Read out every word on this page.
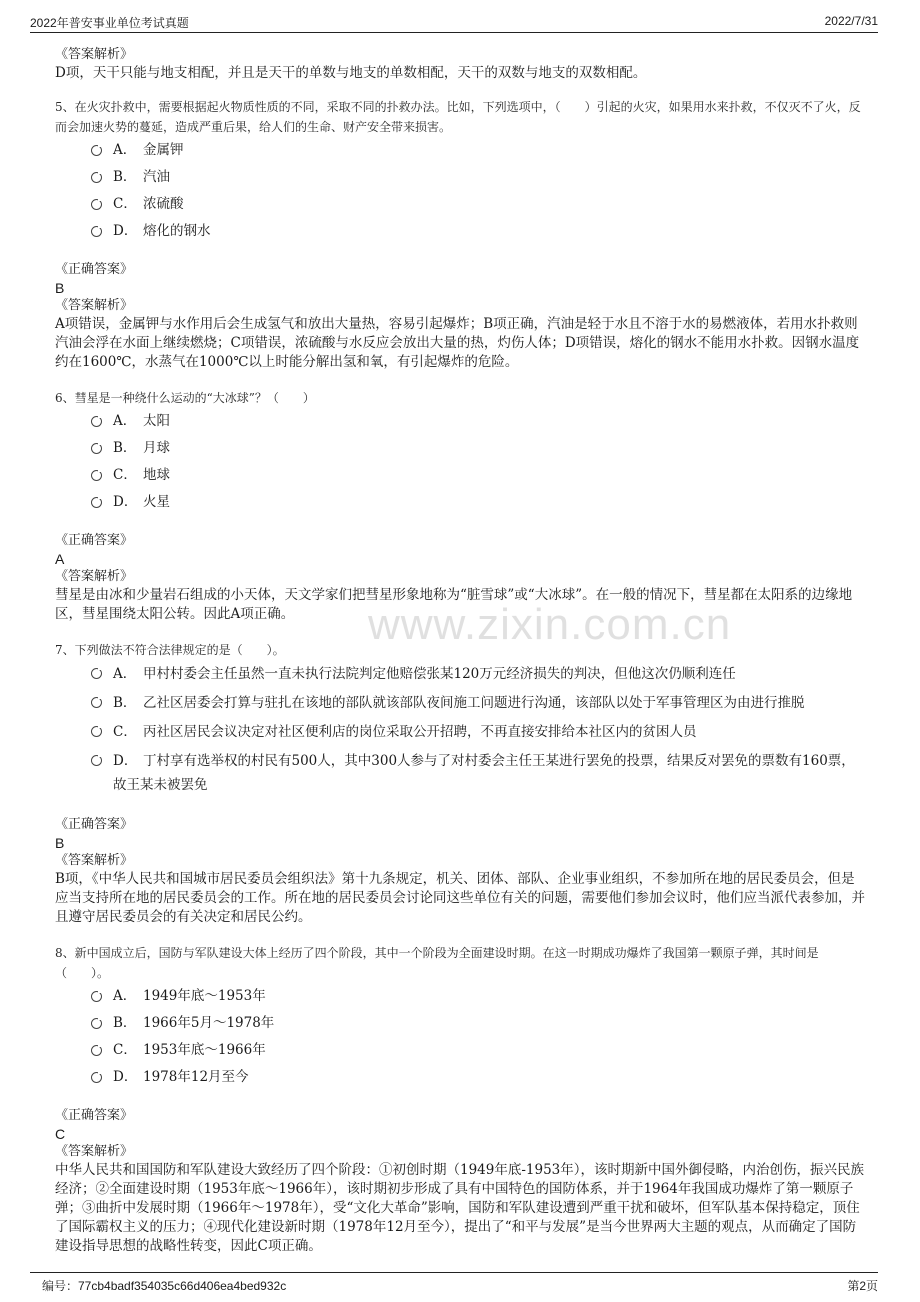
2022年普安事业单位考试真题	2022/7/31
www.zixin.com.cn
《答案解析》
D项，天干只能与地支相配，并且是天干的单数与地支的单数相配，天干的双数与地支的双数相配。
5、在火灾扑救中，需要根据起火物质性质的不同，采取不同的扑救办法。比如，下列选项中，（　　）引起的火灾，如果用水来扑救，不仅灭不了火，反而会加速火势的蔓延，造成严重后果，给人们的生命、财产安全带来损害。
A． 金属钾
B． 汽油
C． 浓硫酸
D． 熔化的钢水
《正确答案》
B
《答案解析》
A项错误，金属钾与水作用后会生成氢气和放出大量热，容易引起爆炸；B项正确，汽油是轻于水且不溶于水的易燃液体，若用水扑救则汽油会浮在水面上继续燃烧；C项错误，浓硫酸与水反应会放出大量的热，灼伤人体；D项错误，熔化的钢水不能用水扑救。因钢水温度约在1600℃，水蒸气在1000℃以上时能分解出氢和氧，有引起爆炸的危险。
6、彗星是一种绕什么运动的“大冰球”？（　　）
A． 太阳
B． 月球
C． 地球
D． 火星
《正确答案》
A
《答案解析》
彗星是由冰和少量岩石组成的小天体，天文学家们把彗星形象地称为“脏雪球”或“大冰球”。在一般的情况下，彗星都在太阳系的边缘地区，彗星围绕太阳公转。因此A项正确。
7、下列做法不符合法律规定的是（　　）。
A． 甲村村委会主任虽然一直未执行法院判定他赔偿张某120万元经济损失的判决，但他这次仍顺利连任
B． 乙社区居委会打算与驻扎在该地的部队就该部队夜间施工问题进行沟通，该部队以处于军事管理区为由进行推脱
C． 丙社区居民会议决定对社区便利店的岗位采取公开招聘，不再直接安排给本社区内的贫困人员
D． 丁村享有选举权的村民有500人，其中300人参与了对村委会主任王某进行罢免的投票，结果反对罢免的票数有160票，故王某未被罢免
《正确答案》
B
《答案解析》
B项，《中华人民共和国城市居民委员会组织法》第十九条规定，机关、团体、部队、企业事业组织，不参加所在地的居民委员会，但是应当支持所在地的居民委员会的工作。所在地的居民委员会讨论同这些单位有关的问题，需要他们参加会议时，他们应当派代表参加，并且遵守居民委员会的有关决定和居民公约。
8、新中国成立后，国防与军队建设大体上经历了四个阶段，其中一个阶段为全面建设时期。在这一时期成功爆炸了我国第一颗原子弹，其时间是（　　）。
A． 1949年底～1953年
B． 1966年5月～1978年
C． 1953年底～1966年
D． 1978年12月至今
《正确答案》
C
《答案解析》
中华人民共和国国防和军队建设大致经历了四个阶段：①初创时期（1949年底-1953年），该时期新中国外御侵略，内治创伤，振兴民族经济；②全面建设时期（1953年底～1966年），该时期初步形成了具有中国特色的国防体系，并于1964年我国成功爆炸了第一颗原子弹；③曲折中发展时期（1966年～1978年），受“文化大革命”影响，国防和军队建设遭到严重干扰和破坏，但军队基本保持稳定，顶住了国际霸权主义的压力；④现代化建设新时期（1978年12月至今），提出了“和平与发展”是当今世界两大主题的观点，从而确定了国防建设指导思想的战略性转变，因此C项正确。
编号：77cb4badf354035c66d406ea4bed932c	第2页
